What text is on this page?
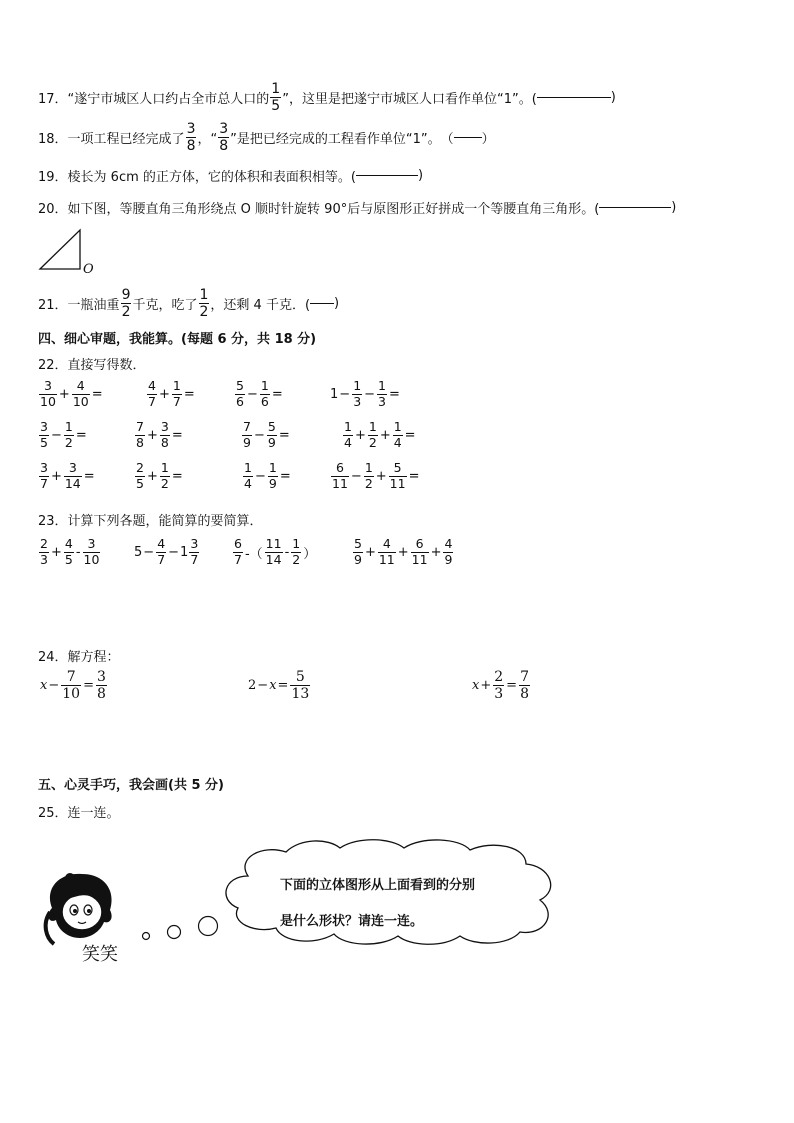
17． “遂宁市城区人口约占全市总人口的 $\frac{1}{5}$ ”，这里是把遂宁市城区人口看作单位“1”。(	)
18． 一项工程已经完成了 $\frac{3}{8}$ ，“ $\frac{3}{8}$ ”是把已经完成的工程看作单位“1”。　（ ）
19． 棱长为 6cm 的正方体，它的体积和表面积相等。(	)
20． 如下图，等腰直角三角形绕点 O 顺时针旋转 90°后与原图形正好拼成一个等腰直角三角形。(	)
O
21． 一瓶油重 $\frac{9}{2}$ 千克，吃了 $\frac{1}{2}$ ，还剩 4 千克．( )
四、细心审题，我能算。(每题 6 分，共 18 分)
22． 直接写得数．
$\frac{3}{10} + \frac{4}{10}$ =	$\frac{4}{7} + \frac{1}{7}$ =	$\frac{5}{6} - \frac{1}{6}$ =	$1 - \frac{1}{3} - \frac{1}{3}$ =
$\frac{3}{5} - \frac{1}{2}$ =	$\frac{7}{8} + \frac{3}{8}$ =	$\frac{7}{9} - \frac{5}{9}$ =	$\frac{1}{4} + \frac{1}{2} + \frac{1}{4}$ =
$\frac{3}{7} + \frac{3}{14}$ =	$\frac{2}{5} + \frac{1}{2}$ =	$\frac{1}{4} - \frac{1}{9}$ =	$\frac{6}{11} - \frac{1}{2} + \frac{5}{11}$ =
23． 计算下列各题，能简算的要简算．
$\frac{2}{3} + \frac{4}{5} - \frac{3}{10}$	$5 - \frac{4}{7} - 1 \frac{3}{7}$	$\frac{6}{7}$ -（ $\frac{11}{14} - \frac{1}{2}$ ）	$\frac{5}{9} + \frac{4}{11} + \frac{6}{11} + \frac{4}{9}$
24． 解方程：
$x - \frac{7}{10} = \frac{3}{8}$	$2 - x = \frac{5}{13}$	$x + \frac{2}{3} = \frac{7}{8}$
五、心灵手巧，我会画(共 5 分)
25． 连一连。
笑笑
下面的立体图形从上面看到的分别
是什么形状？请连一连。
